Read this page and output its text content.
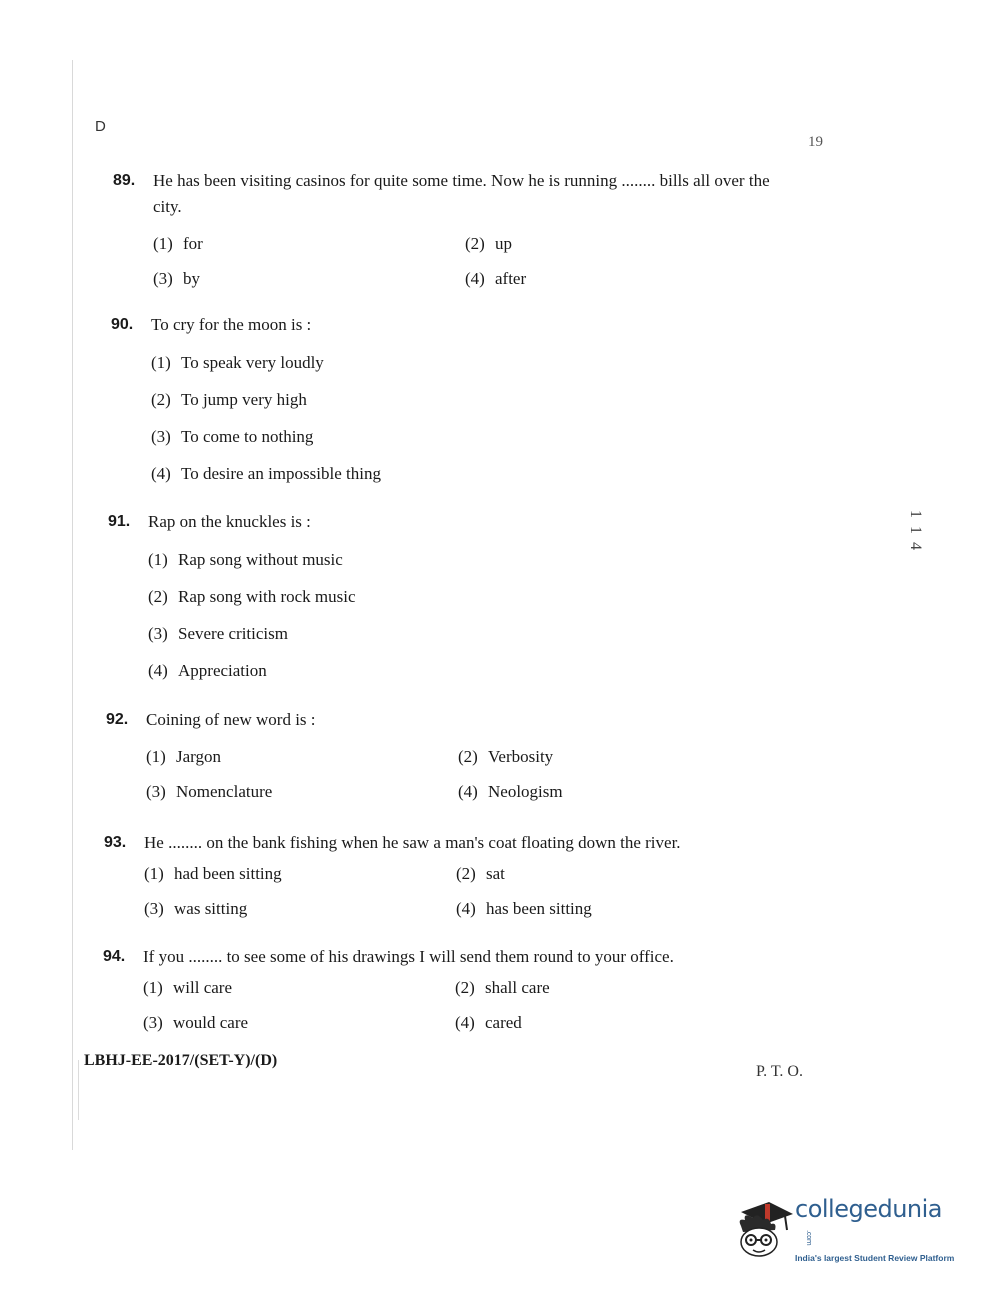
D
19
89.	He has been visiting casinos for quite some time. Now he is running ........ bills all over the city.
(1) for	(2) up
(3) by	(4) after
90.	To cry for the moon is :
(1) To speak very loudly
(2) To jump very high
(3) To come to nothing
(4) To desire an impossible thing
91.	Rap on the knuckles is :
(1) Rap song without music
(2) Rap song with rock music
(3) Severe criticism
(4) Appreciation
92.	Coining of new word is :
(1) Jargon	(2) Verbosity
(3) Nomenclature	(4) Neologism
93.	He ........ on the bank fishing when he saw a man's coat floating down the river.
(1) had been sitting	(2) sat
(3) was sitting	(4) has been sitting
94.	If you ........ to see some of his drawings I will send them round to your office.
(1) will care	(2) shall care
(3) would care	(4) cared
1 1 4
LBHJ-EE-2017/(SET-Y)/(D)
P. T. O.
collegedunia.com
India's largest Student Review Platform
